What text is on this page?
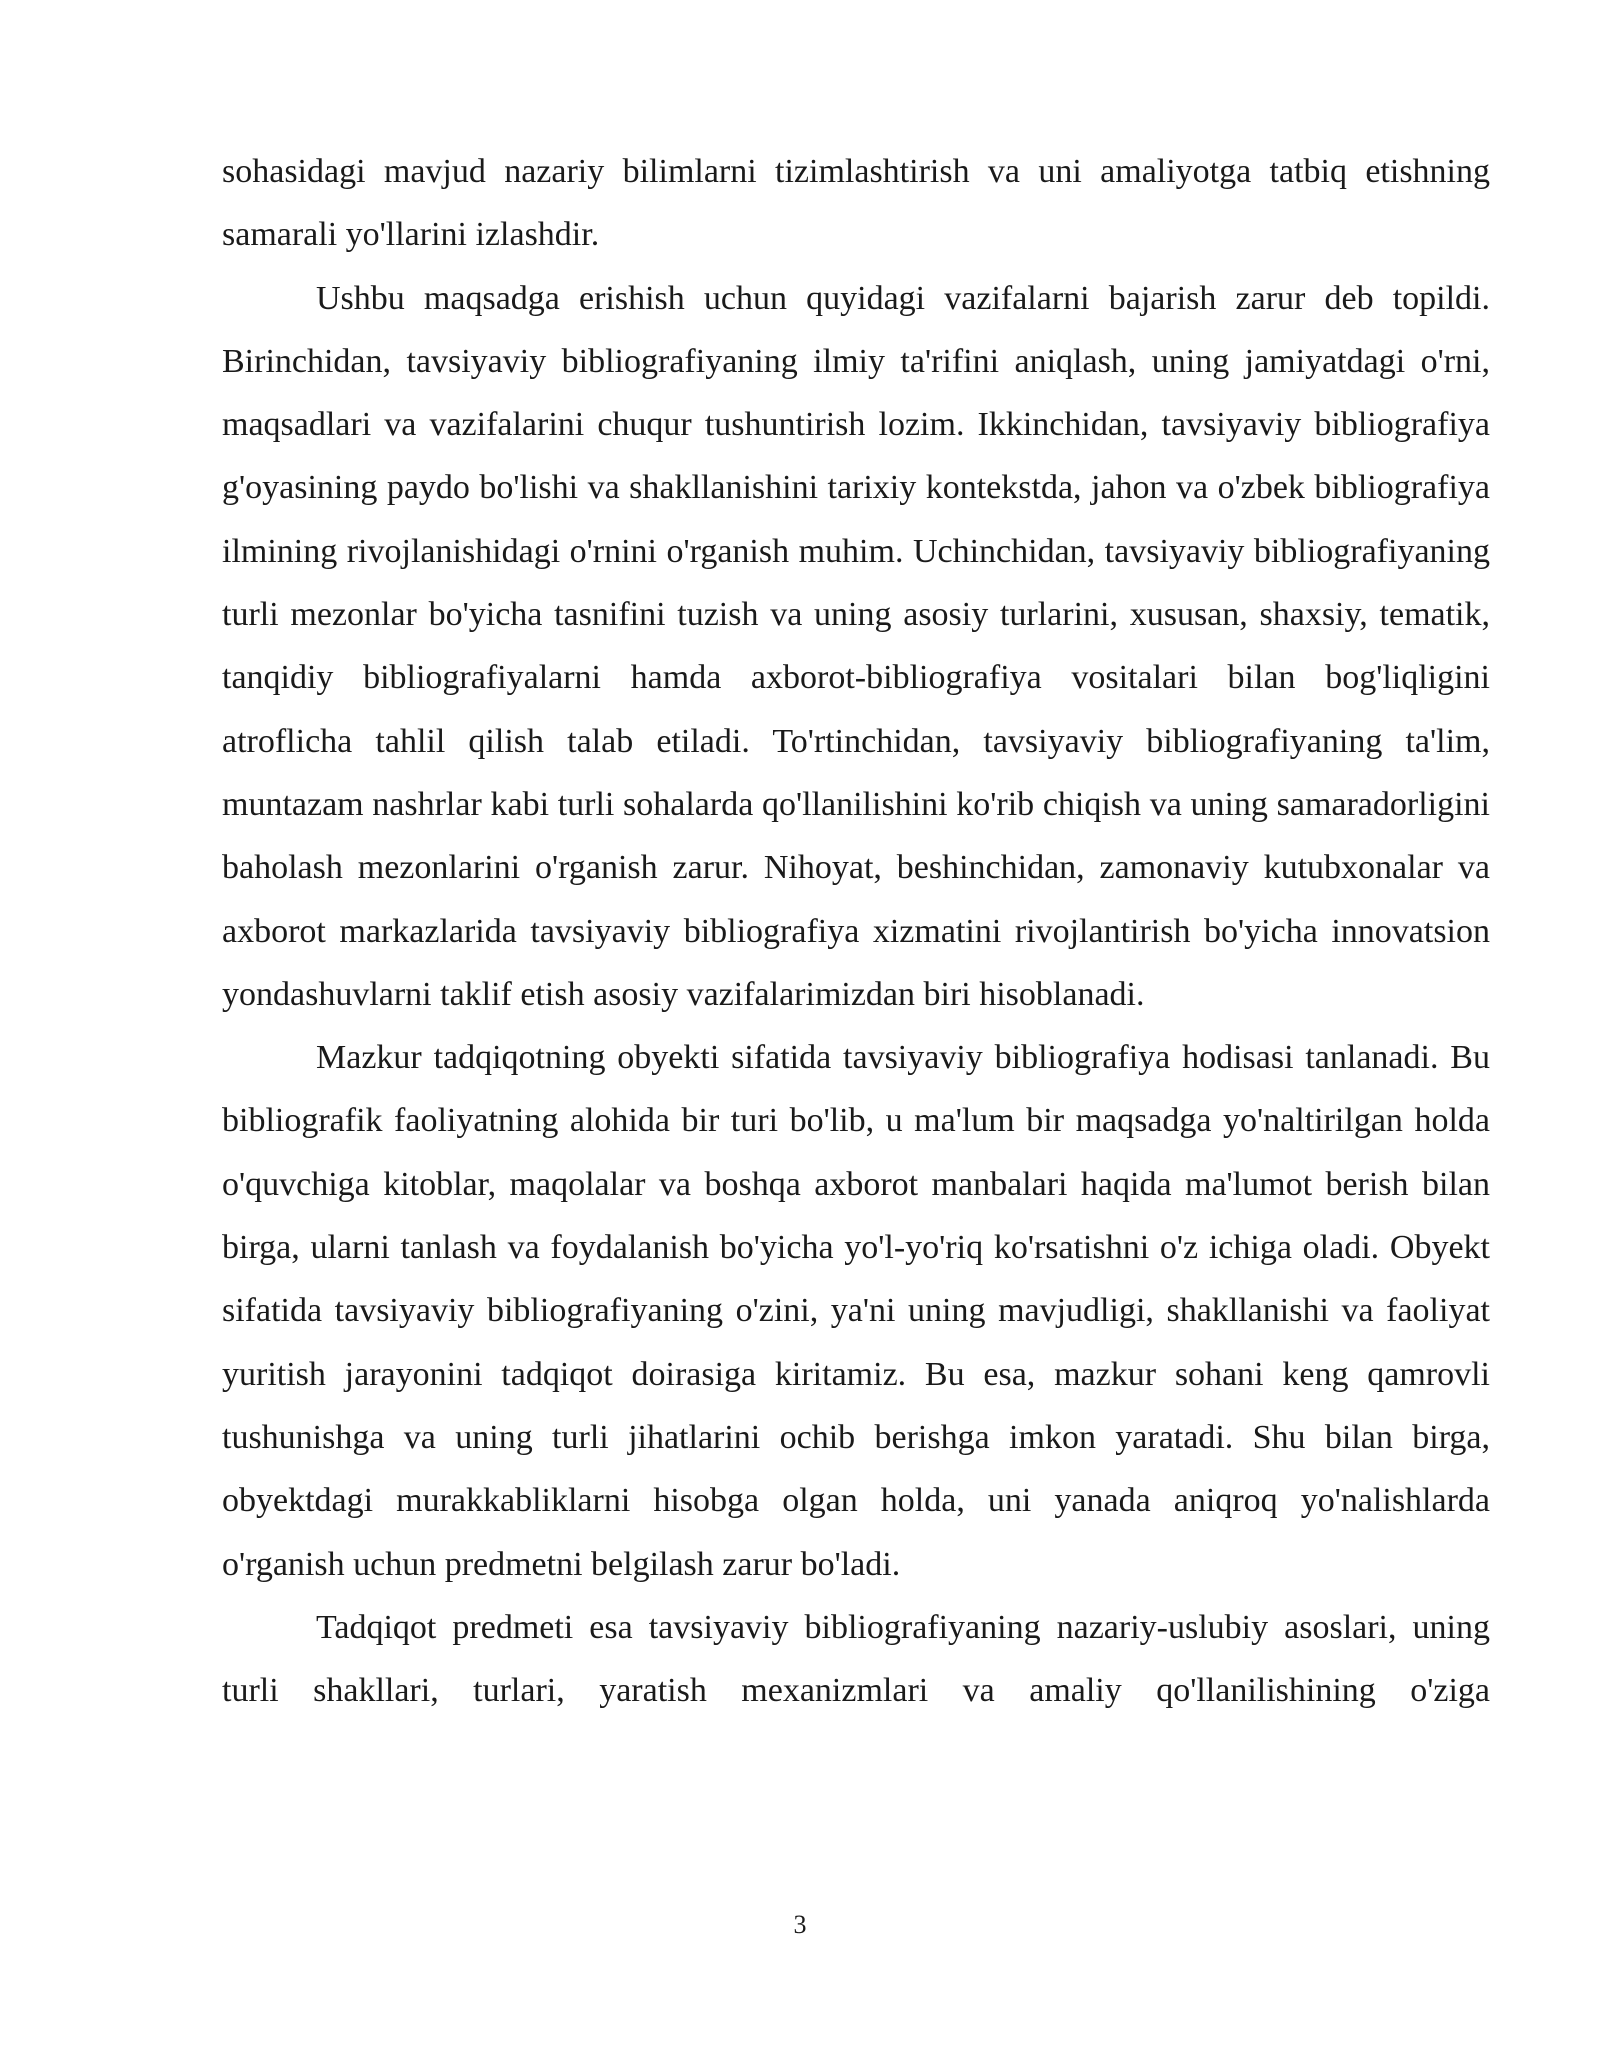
sohasidagi mavjud nazariy bilimlarni tizimlashtirish va uni amaliyotga tatbiq etishning samarali yo'llarini izlashdir.

Ushbu maqsadga erishish uchun quyidagi vazifalarni bajarish zarur deb topildi. Birinchidan, tavsiyaviy bibliografiyaning ilmiy ta'rifini aniqlash, uning jamiyatdagi o'rni, maqsadlari va vazifalarini chuqur tushuntirish lozim. Ikkinchidan, tavsiyaviy bibliografiya g'oyasining paydo bo'lishi va shakllanishini tarixiy kontekstda, jahon va o'zbek bibliografiya ilmining rivojlanishidagi o'rnini o'rganish muhim. Uchinchidan, tavsiyaviy bibliografiyaning turli mezonlar bo'yicha tasnifini tuzish va uning asosiy turlarini, xususan, shaxsiy, tematik, tanqidiy bibliografiyalarni hamda axborot-bibliografiya vositalari bilan bog'liqligini atroflicha tahlil qilish talab etiladi. To'rtinchidan, tavsiyaviy bibliografiyaning ta'lim, muntazam nashrlar kabi turli sohalarda qo'llanilishini ko'rib chiqish va uning samaradorligini baholash mezonlarini o'rganish zarur. Nihoyat, beshinchidan, zamonaviy kutubxonalar va axborot markazlarida tavsiyaviy bibliografiya xizmatini rivojlantirish bo'yicha innovatsion yondashuvlarni taklif etish asosiy vazifalarimizdan biri hisoblanadi.

Mazkur tadqiqotning obyekti sifatida tavsiyaviy bibliografiya hodisasi tanlanadi. Bu bibliografik faoliyatning alohida bir turi bo'lib, u ma'lum bir maqsadga yo'naltirilgan holda o'quvchiga kitoblar, maqolalar va boshqa axborot manbalari haqida ma'lumot berish bilan birga, ularni tanlash va foydalanish bo'yicha yo'l-yo'riq ko'rsatishni o'z ichiga oladi. Obyekt sifatida tavsiyaviy bibliografiyaning o'zini, ya'ni uning mavjudligi, shakllanishi va faoliyat yuritish jarayonini tadqiqot doirasiga kiritamiz. Bu esa, mazkur sohani keng qamrovli tushunishga va uning turli jihatlarini ochib berishga imkon yaratadi. Shu bilan birga, obyektdagi murakkabliklarni hisobga olgan holda, uni yanada aniqroq yo'nalishlarda o'rganish uchun predmetni belgilash zarur bo'ladi.

Tadqiqot predmeti esa tavsiyaviy bibliografiyaning nazariy-uslubiy asoslari, uning turli shakllari, turlari, yaratish mexanizmlari va amaliy qo'llanilishining o'ziga

3
